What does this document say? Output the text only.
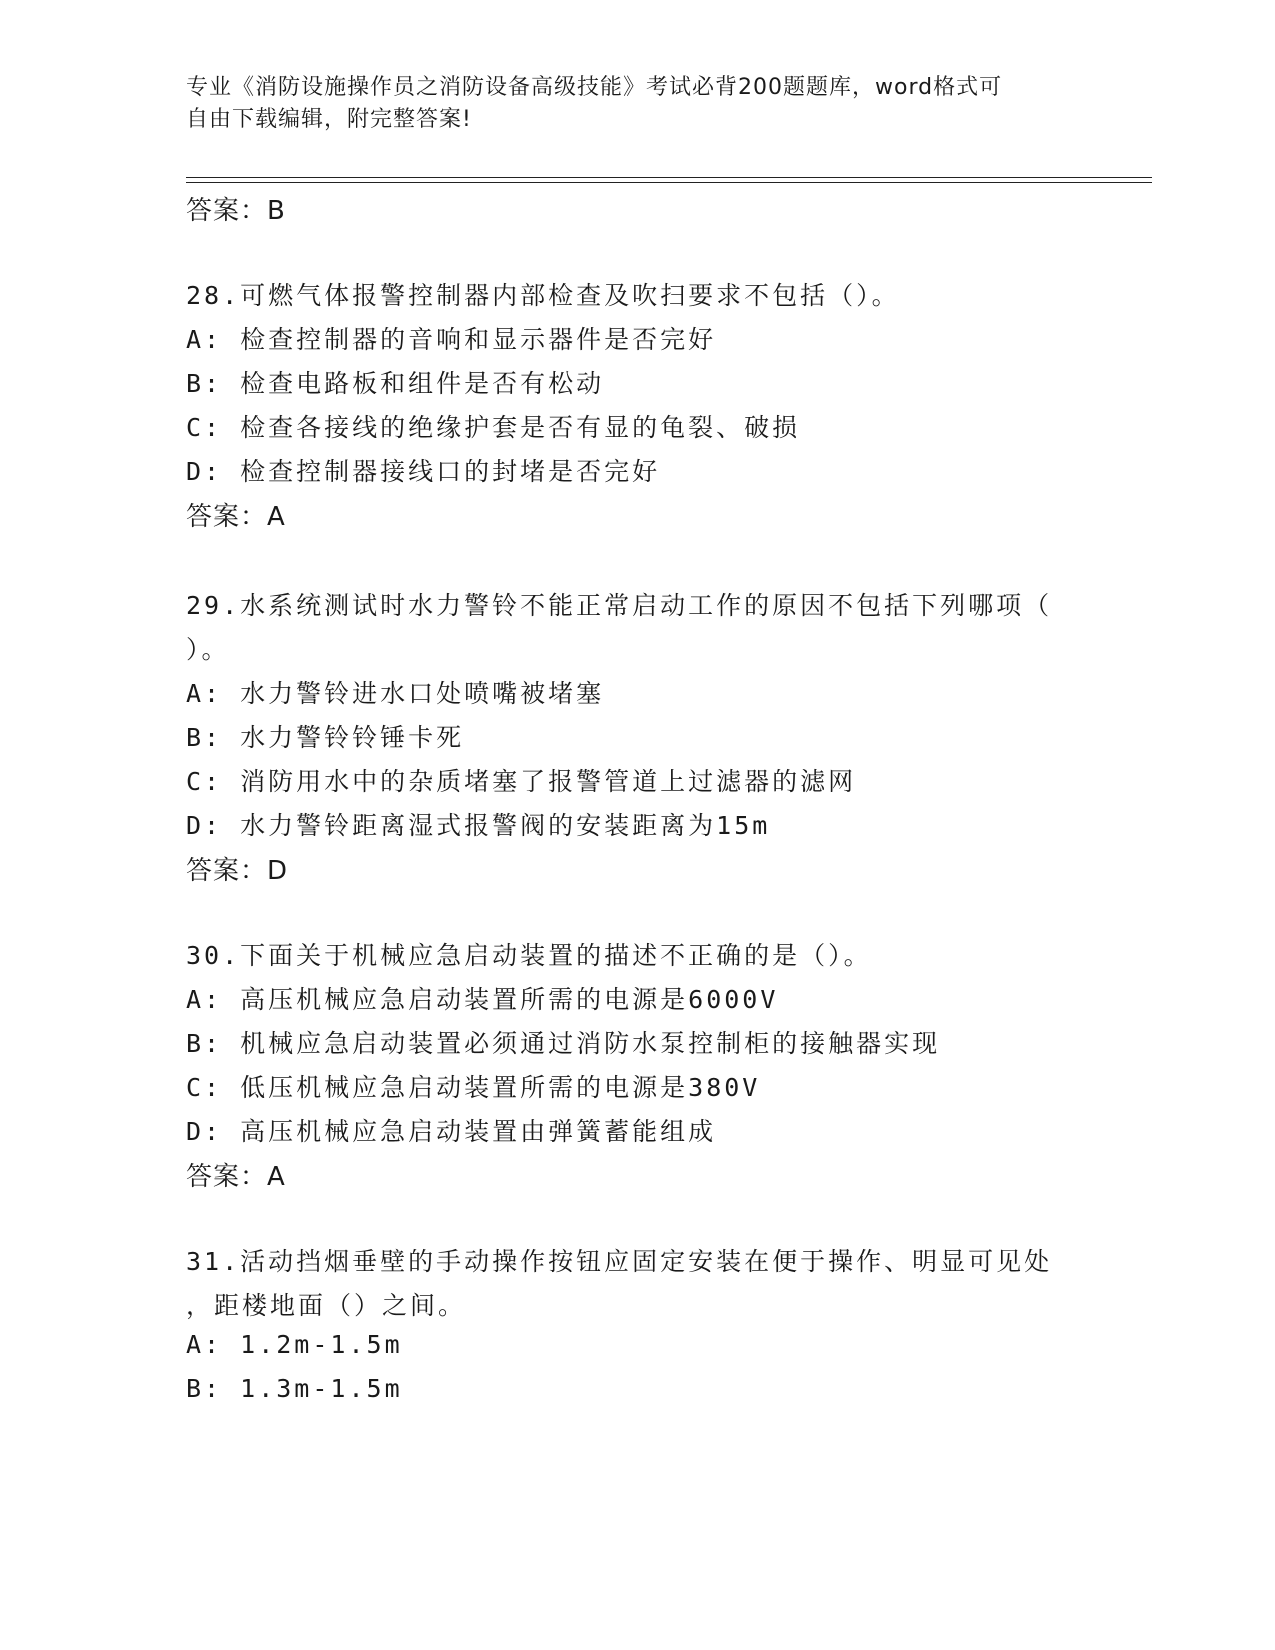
专业《消防设施操作员之消防设备高级技能》考试必背200题题库，word格式可
自由下载编辑，附完整答案!
答案：B
28.可燃气体报警控制器内部检查及吹扫要求不包括（）。
A: 检查控制器的音响和显示器件是否完好
B: 检查电路板和组件是否有松动
C: 检查各接线的绝缘护套是否有显的龟裂、破损
D: 检查控制器接线口的封堵是否完好
答案：A
29.水系统测试时水力警铃不能正常启动工作的原因不包括下列哪项（
）。
A: 水力警铃进水口处喷嘴被堵塞
B: 水力警铃铃锤卡死
C: 消防用水中的杂质堵塞了报警管道上过滤器的滤网
D: 水力警铃距离湿式报警阀的安装距离为15m
答案：D
30.下面关于机械应急启动装置的描述不正确的是（）。
A: 高压机械应急启动装置所需的电源是6000V
B: 机械应急启动装置必须通过消防水泵控制柜的接触器实现
C: 低压机械应急启动装置所需的电源是380V
D: 高压机械应急启动装置由弹簧蓄能组成
答案：A
31.活动挡烟垂壁的手动操作按钮应固定安装在便于操作、明显可见处
，距楼地面（）之间。
A: 1.2m-1.5m
B: 1.3m-1.5m
